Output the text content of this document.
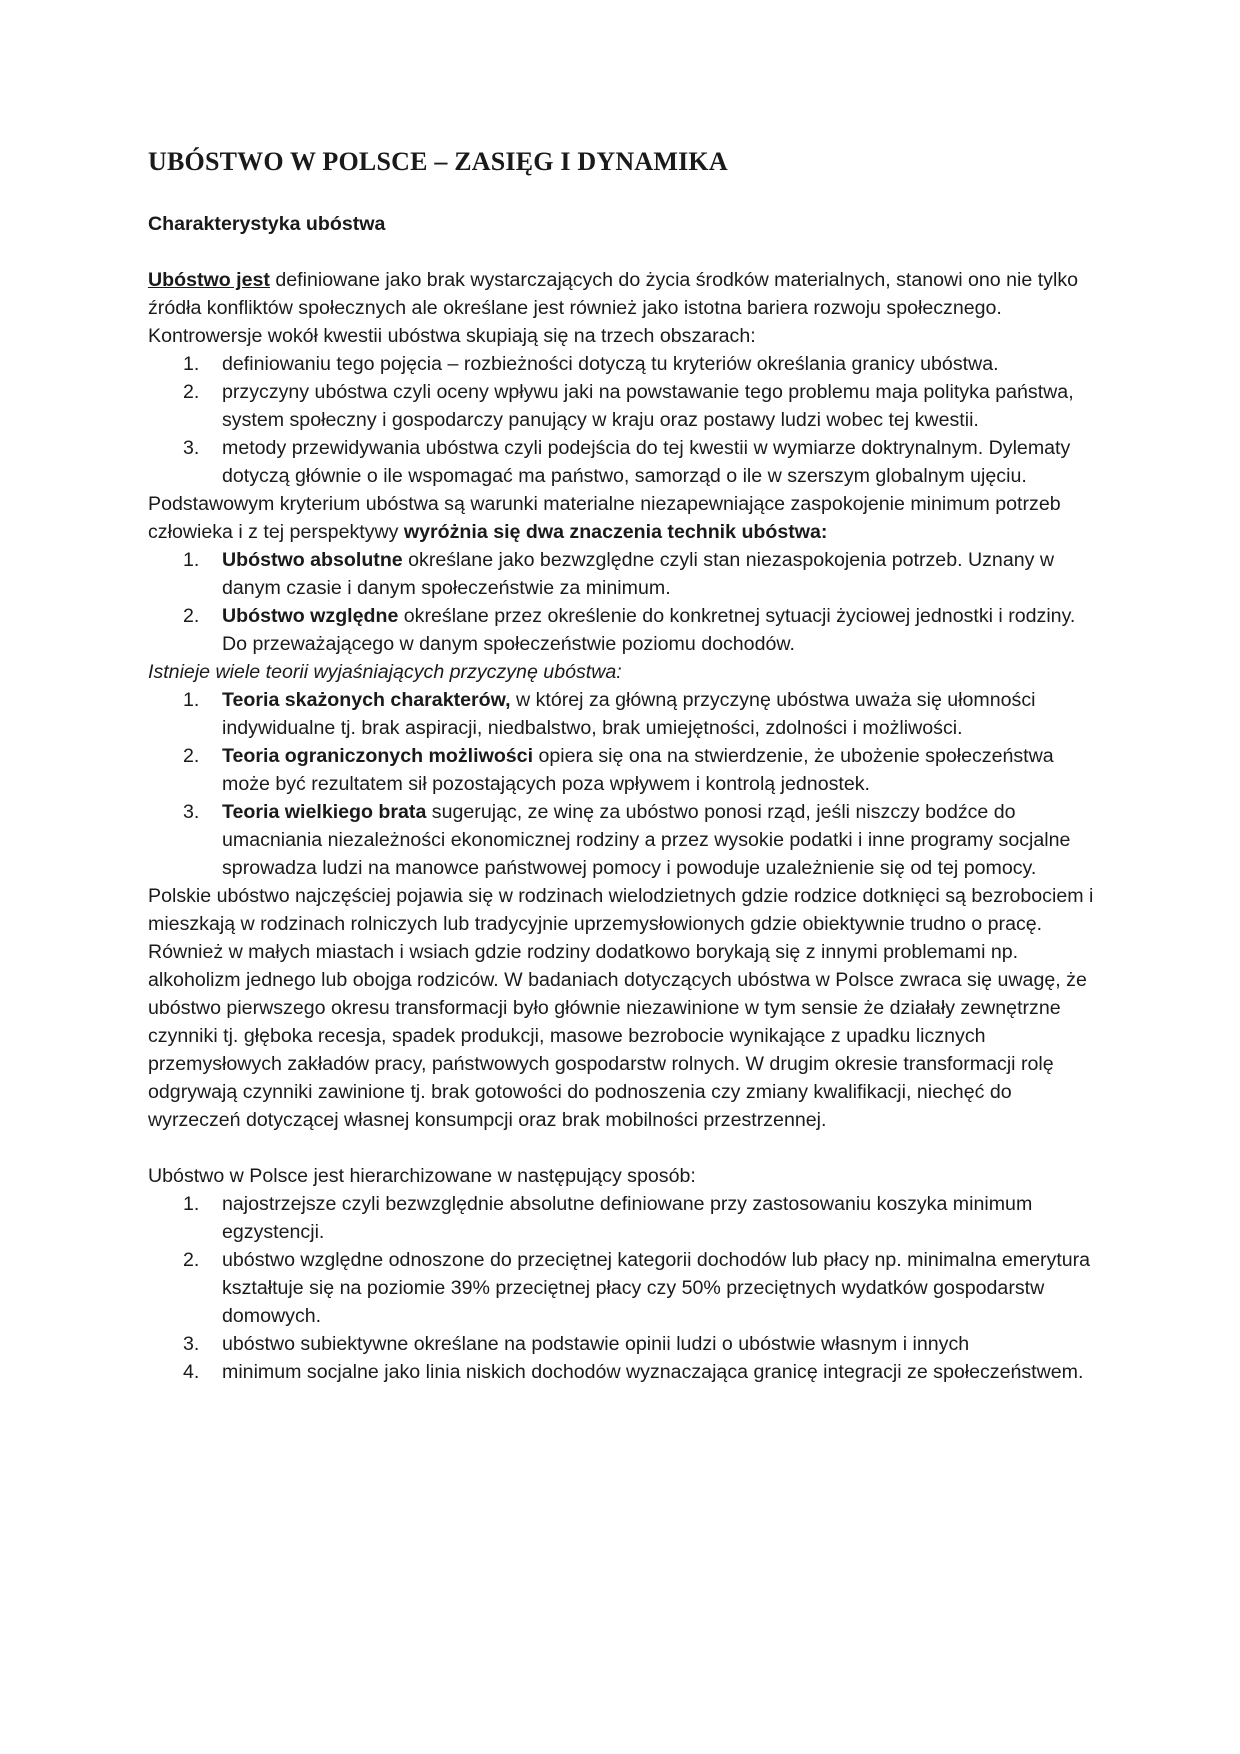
UBÓSTWO W POLSCE – ZASIĘG I DYNAMIKA

Charakterystyka ubóstwa

Ubóstwo jest definiowane jako brak wystarczających do życia środków materialnych, stanowi ono nie tylko źródła konfliktów społecznych ale określane jest również jako istotna bariera rozwoju społecznego. Kontrowersje wokół kwestii ubóstwa skupiają się na trzech obszarach:

1. definiowaniu tego pojęcia – rozbieżności dotyczą tu kryteriów określania granicy ubóstwa.
2. przyczyny ubóstwa czyli oceny wpływu jaki na powstawanie tego problemu maja polityka państwa, system społeczny i gospodarczy panujący w kraju oraz postawy ludzi wobec tej kwestii.
3. metody przewidywania ubóstwa czyli podejścia do tej kwestii w wymiarze doktrynalnym. Dylematy dotyczą głównie o ile wspomagać ma państwo, samorząd o ile w szerszym globalnym ujęciu.

Podstawowym kryterium ubóstwa są warunki materialne niezapewniające zaspokojenie minimum potrzeb człowieka i z tej perspektywy wyróżnia się dwa znaczenia technik ubóstwa:

1. Ubóstwo absolutne określane jako bezwzględne czyli stan niezaspokojenia potrzeb. Uznany w danym czasie i danym społeczeństwie za minimum.
2. Ubóstwo względne określane przez określenie do konkretnej sytuacji życiowej jednostki i rodziny. Do przeważającego w danym społeczeństwie poziomu dochodów.

Istnieje wiele teorii wyjaśniających przyczynę ubóstwa:

1. Teoria skażonych charakterów, w której za główną przyczynę ubóstwa uważa się ułomności indywidualne tj. brak aspiracji, niedbalstwo, brak umiejętności, zdolności i możliwości.
2. Teoria ograniczonych możliwości opiera się ona na stwierdzenie, że ubożenie społeczeństwa może być rezultatem sił pozostających poza wpływem i kontrolą jednostek.
3. Teoria wielkiego brata sugerując, ze winę za ubóstwo ponosi rząd, jeśli niszczy bodźce do umacniania niezależności ekonomicznej rodziny a przez wysokie podatki i inne programy socjalne sprowadza ludzi na manowce państwowej pomocy i powoduje uzależnienie się od tej pomocy.

Polskie ubóstwo najczęściej pojawia się w rodzinach wielodzietnych gdzie rodzice dotknięci są bezrobociem i mieszkają w rodzinach rolniczych lub tradycyjnie uprzemysłowionych gdzie obiektywnie trudno o pracę. Również w małych miastach i wsiach gdzie rodziny dodatkowo borykają się z innymi problemami np. alkoholizm jednego lub obojga rodziców. W badaniach dotyczących ubóstwa w Polsce zwraca się uwagę, że ubóstwo pierwszego okresu transformacji było głównie niezawinione w tym sensie że działały zewnętrzne czynniki tj. głęboka recesja, spadek produkcji, masowe bezrobocie wynikające z upadku licznych przemysłowych zakładów pracy, państwowych gospodarstw rolnych. W drugim okresie transformacji rolę odgrywają czynniki zawinione tj. brak gotowości do podnoszenia czy zmiany kwalifikacji, niechęć do wyrzeczeń dotyczącej własnej konsumpcji oraz brak mobilności przestrzennej.

Ubóstwo w Polsce jest hierarchizowane w następujący sposób:

1. najostrzejsze czyli bezwzględnie absolutne definiowane przy zastosowaniu koszyka minimum egzystencji.
2. ubóstwo względne odnoszone do przeciętnej kategorii dochodów lub płacy np. minimalna emerytura kształtuje się na poziomie 39% przeciętnej płacy czy 50% przeciętnych wydatków gospodarstw domowych.
3. ubóstwo subiektywne określane na podstawie opinii ludzi o ubóstwie własnym i innych
4. minimum socjalne jako linia niskich dochodów wyznaczająca granicę integracji ze społeczeństwem.
